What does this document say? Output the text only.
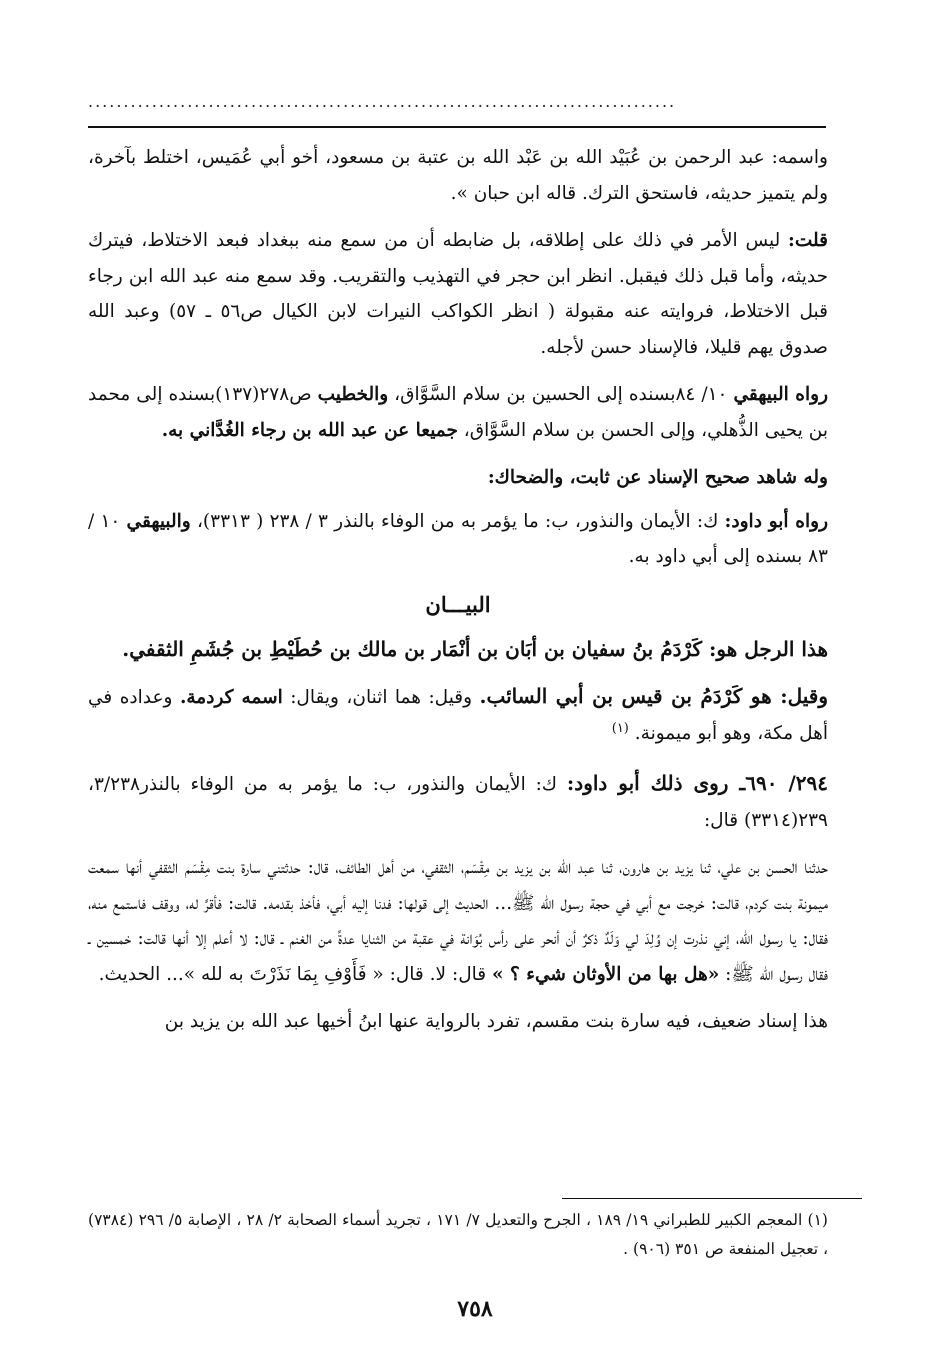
...................................................................................

واسمه: عبد الرحمن بن عُبَيْد الله بن عَبْد الله بن عتبة بن مسعود، أخو أبي عُمَيس، اختلط بآخرة، ولم يتميز حديثه، فاستحق الترك. قاله ابن حبان ».

قلت: ليس الأمر في ذلك على إطلاقه، بل ضابطه أن من سمع منه ببغداد فبعد الاختلاط، فيترك حديثه، وأما قبل ذلك فيقبل. انظر ابن حجر في التهذيب والتقريب. وقد سمع منه عبد الله ابن رجاء قبل الاختلاط، فروايته عنه مقبولة ( انظر الكواكب النيرات لابن الكيال ص٥٦ ـ ٥٧) وعبد الله صدوق يهم قليلا، فالإسناد حسن لأجله.

رواه البيهقي ١٠/ ٨٤بسنده إلى الحسين بن سلام السَّوَّاق، والخطيب ص٢٧٨(١٣٧)بسنده إلى محمد بن يحيى الذُّهلي، وإلى الحسن بن سلام السَّوَّاق، جميعا عن عبد الله بن رجاء الغُدَّاني به.

وله شاهد صحيح الإسناد عن ثابت، والضحاك:

رواه أبو داود: ك: الأيمان والنذور، ب: ما يؤمر به من الوفاء بالنذر ٣ / ٢٣٨ ( ٣٣١٣)، والبيهقي ١٠ / ٨٣ بسنده إلى أبي داود به.

البيـــان

هذا الرجل هو: كَرْدَمُ بنُ سفيان بن أبَان بن أنْمَار بن مالك بن حُطَيْطِ بن جُشَمِ الثقفي.

وقيل: هو كَرْدَمُ بن قيس بن أبي السائب. وقيل: هما اثنان، ويقال: اسمه كردمة. وعداده في أهل مكة، وهو أبو ميمونة. $^{(١)}$

٢٩٤/ ٦٩٠ـ روى ذلك أبو داود: ك: الأيمان والنذور، ب: ما يؤمر به من الوفاء بالنذر٣/٢٣٨، ٢٣٩(٣٣١٤) قال:

حدثنا الحسن بن علي، ثنا يزيد بن هارون، ثنا عبد الله بن يزيد بن مِقْسَم، الثقفي، من أهل الطائف، قال: حدثتني سارة بنت مِقْسَم الثقفي أنها سمعت ميمونة بنت كردم، قالت: خرجت مع أبي في حجة رسول الله ﷺ... الحديث إلى قولها: فدنا إليه أبي، فأخذ بقدمه. قالت: فأقرَّ له، ووقف فاستمع منه، فقال: يا رسول الله، إني نذرت إن وُلِدَ لي وَلَدٌ ذكرٌ أن أنحر على رأس بُوَانة في عقبة من الثنايا عدةً من الغنم ـ قال: لا أعلم إلا أنها قالت: خمسين ـ فقال رسول الله ﷺ: «هل بها من الأوثان شيء ؟ » قال: لا. قال: « فَأَوْفِ بِمَا نَذَرْتَ به لله »... الحديث.

هذا إسناد ضعيف، فيه سارة بنت مقسم، تفرد بالرواية عنها ابنُ أخيها عبد الله بن يزيد بن

(١) المعجم الكبير للطبراني ١٩/ ١٨٩ ، الجرح والتعديل ٧/ ١٧١ ، تجريد أسماء الصحابة ٢/ ٢٨ ، الإصابة ٥/ ٢٩٦ (٧٣٨٤) ، تعجيل المنفعة ص ٣٥١ (٩٠٦) .

٧٥٨
